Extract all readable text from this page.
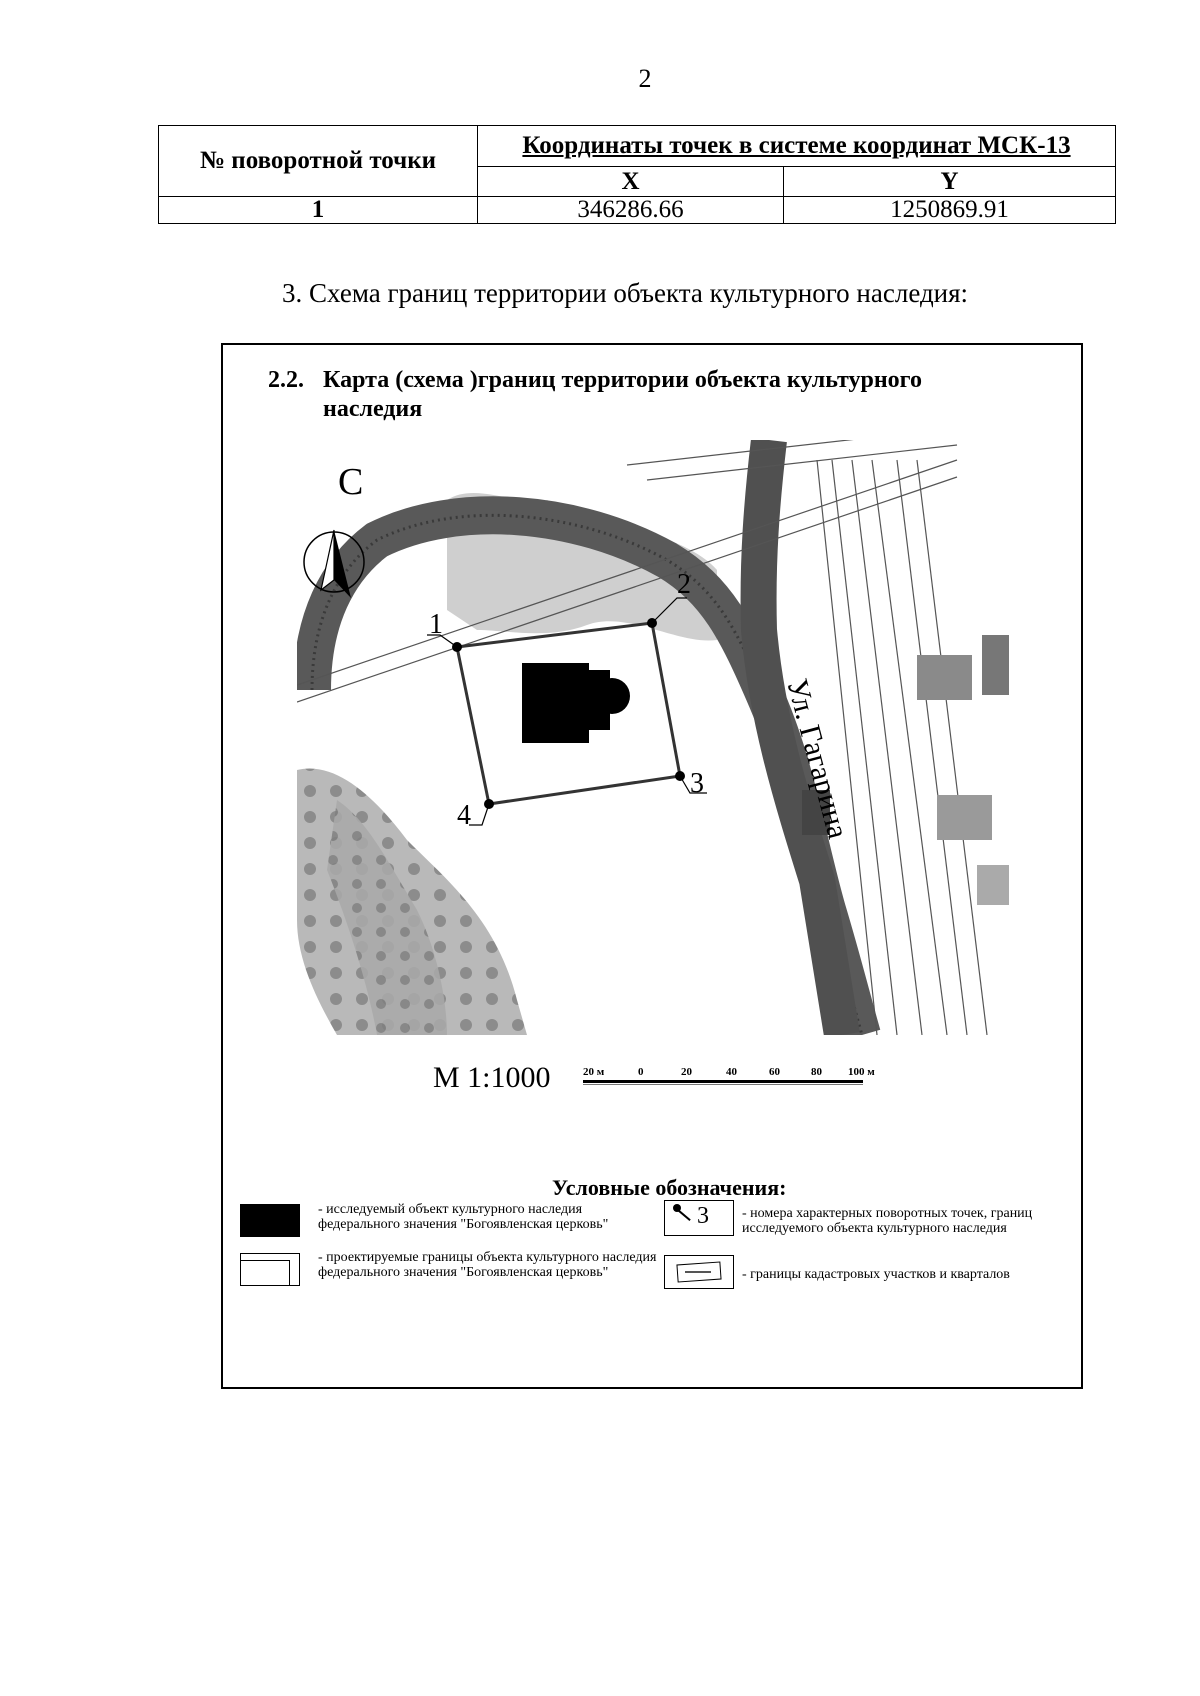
2
№ поворотной точки	Координаты точек в системе координат МСК-13	
	X	Y
1	346286.66	1250869.91
3. Схема границ территории объекта культурного наследия:
2.2. Карта (схема )границ территории объекта культурного
наследия
1
2
3
4	Ул. Гагарина
С
М 1:1000	20 м	0	20	40	60	80 100 м
Условные обозначения:
- исследуемый объект культурного наследия федерального значения "Богоявленская церковь"	3 - номера характерных поворотных точек, границ исследуемого объекта культурного наследия
- проектируемые границы объекта культурного наследия федерального значения "Богоявленская церковь"	- границы кадастровых участков и кварталов
